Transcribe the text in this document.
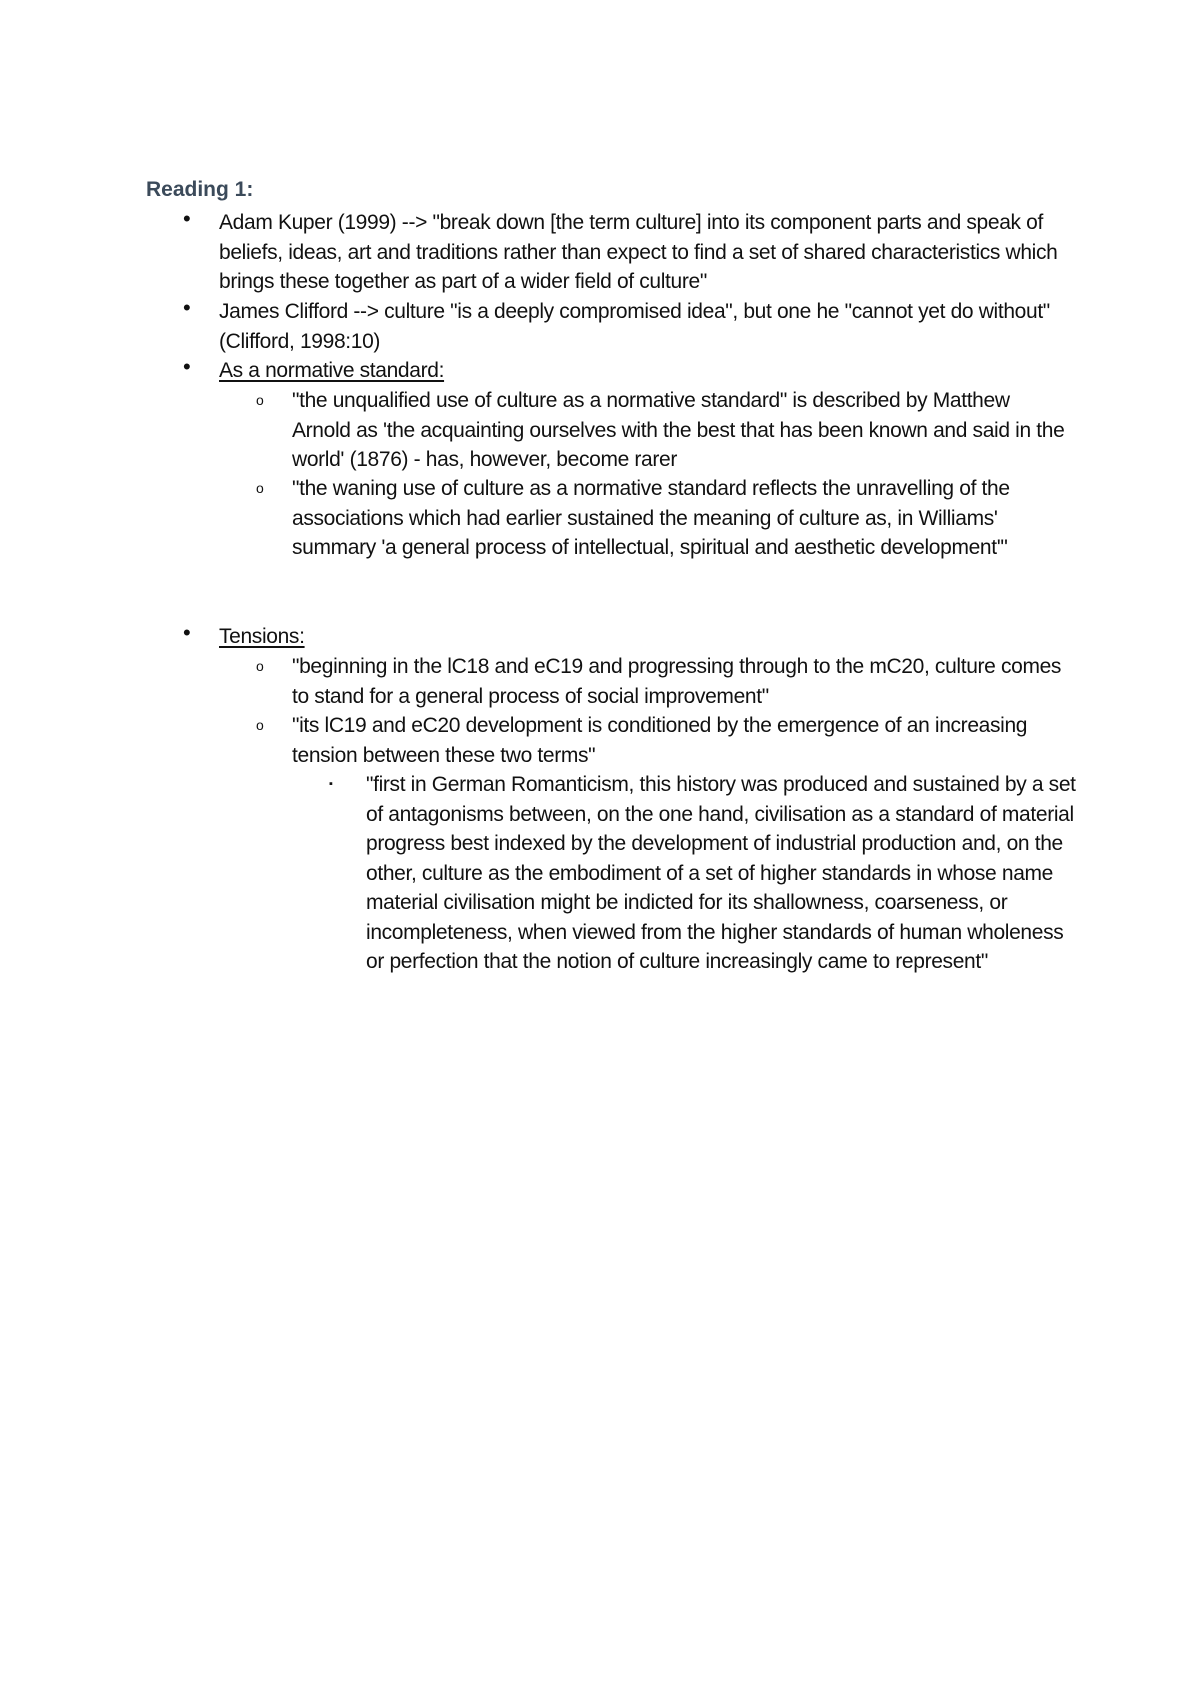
Reading 1:
• Adam Kuper (1999) --> "break down [the term culture] into its component parts and speak of beliefs, ideas, art and traditions rather than expect to find a set of shared characteristics which brings these together as part of a wider field of culture"
• James Clifford --> culture "is a deeply compromised idea", but one he "cannot yet do without" (Clifford, 1998:10)
• As a normative standard:
o "the unqualified use of culture as a normative standard" is described by Matthew Arnold as 'the acquainting ourselves with the best that has been known and said in the world' (1876) - has, however, become rarer
o "the waning use of culture as a normative standard reflects the unravelling of the associations which had earlier sustained the meaning of culture as, in Williams' summary 'a general process of intellectual, spiritual and aesthetic development'"
• Tensions:
o "beginning in the lC18 and eC19 and progressing through to the mC20, culture comes to stand for a general process of social improvement"
o "its lC19 and eC20 development is conditioned by the emergence of an increasing tension between these two terms"
▪ "first in German Romanticism, this history was produced and sustained by a set of antagonisms between, on the one hand, civilisation as a standard of material progress best indexed by the development of industrial production and, on the other, culture as the embodiment of a set of higher standards in whose name material civilisation might be indicted for its shallowness, coarseness, or incompleteness, when viewed from the higher standards of human wholeness or perfection that the notion of culture increasingly came to represent"
